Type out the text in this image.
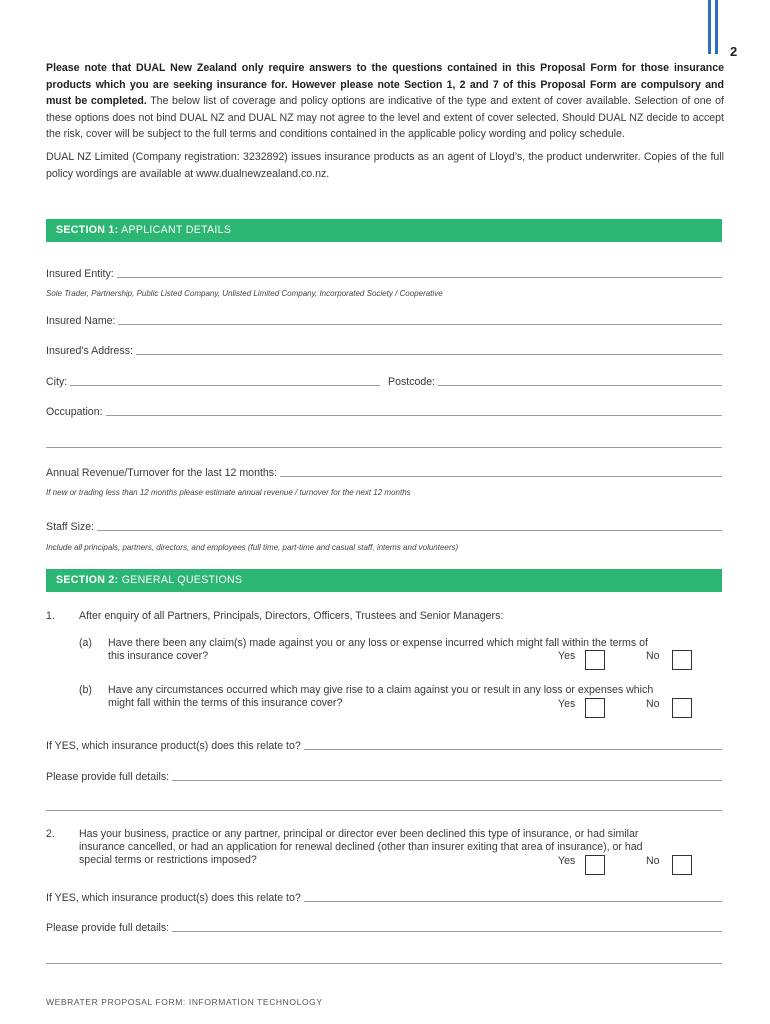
2

Please note that DUAL New Zealand only require answers to the questions contained in this Proposal Form for those insurance products which you are seeking insurance for. However please note Section 1, 2 and 7 of this Proposal Form are compulsory and must be completed. The below list of coverage and policy options are indicative of the type and extent of cover available. Selection of one of these options does not bind DUAL NZ and DUAL NZ may not agree to the level and extent of cover selected. Should DUAL NZ decide to accept the risk, cover will be subject to the full terms and conditions contained in the applicable policy wording and policy schedule.

DUAL NZ Limited (Company registration: 3232892) issues insurance products as an agent of Lloyd’s, the product underwriter. Copies of the full policy wordings are available at www.dualnewzealand.co.nz.

SECTION 1: APPLICANT DETAILS
Insured Entity:
Sole Trader, Partnership, Public Listed Company, Unlisted Limited Company, Incorporated Society / Cooperative
Insured Name:
Insured’s Address:
City:	Postcode:
Occupation:
Annual Revenue/Turnover for the last 12 months:
If new or trading less than 12 months please estimate annual revenue / turnover for the next 12 months
Staff Size:
Include all principals, partners, directors, and employees (full time, part-time and casual staff, interns and volunteers)
SECTION 2: GENERAL QUESTIONS
1. After enquiry of all Partners, Principals, Directors, Officers, Trustees and Senior Managers:
(a) Have there been any claim(s) made against you or any loss or expense incurred which might fall within the terms of
this insurance cover?	Yes	No
(b) Have any circumstances occurred which may give rise to a claim against you or result in any loss or expenses which
might fall within the terms of this insurance cover?	Yes	No
If YES, which insurance product(s) does this relate to?
Please provide full details:
2. Has your business, practice or any partner, principal or director ever been declined this type of insurance, or had similar
insurance cancelled, or had an application for renewal declined (other than insurer exiting that area of insurance), or had
special terms or restrictions imposed?	Yes	No
If YES, which insurance product(s) does this relate to?
Please provide full details:
WEBRATER PROPOSAL FORM: INFORMATION TECHNOLOGY
